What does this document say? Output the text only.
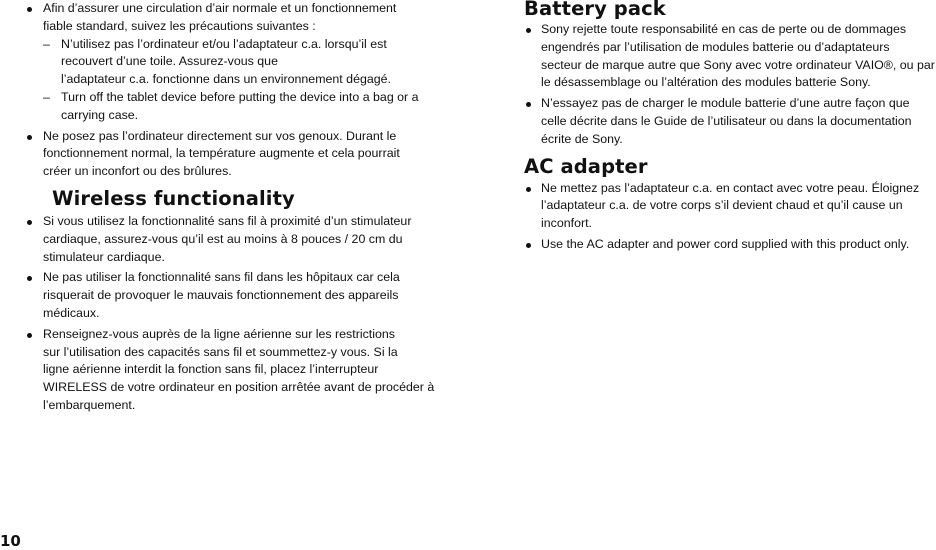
Afin d’assurer une circulation d’air normale et un fonctionnement
fiable standard, suivez les précautions suivantes :
– N’utilisez pas l’ordinateur et/ou l’adaptateur c.a. lorsqu’il est
recouvert d’une toile. Assurez-vous que
l’adaptateur c.a. fonctionne dans un environnement dégagé.
– Turn off the tablet device before putting the device into a bag or a
carrying case.
Ne posez pas l’ordinateur directement sur vos genoux. Durant le
fonctionnement normal, la température augmente et cela pourrait
créer un inconfort ou des brûlures.
Wireless functionality
Si vous utilisez la fonctionnalité sans fil à proximité d’un stimulateur
cardiaque, assurez-vous qu’il est au moins à 8 pouces / 20 cm du
stimulateur cardiaque.
Ne pas utiliser la fonctionnalité sans fil dans les hôpitaux car cela
risquerait de provoquer le mauvais fonctionnement des appareils
médicaux.
Renseignez-vous auprès de la ligne aérienne sur les restrictions
sur l’utilisation des capacités sans fil et soummettez-y vous. Si la
ligne aérienne interdit la fonction sans fil, placez l’interrupteur
WIRELESS de votre ordinateur en position arrêtée avant de procéder à
l’embarquement.
Battery pack
Sony rejette toute responsabilité en cas de perte ou de dommages
engendrés par l’utilisation de modules batterie ou d’adaptateurs
secteur de marque autre que Sony avec votre ordinateur VAIO®, ou par
le désassemblage ou l’altération des modules batterie Sony.
N’essayez pas de charger le module batterie d’une autre façon que
celle décrite dans le Guide de l’utilisateur ou dans la documentation
écrite de Sony.
AC adapter
Ne mettez pas l’adaptateur c.a. en contact avec votre peau. Éloignez
l’adaptateur c.a. de votre corps s’il devient chaud et qu’il cause un
inconfort.
Use the AC adapter and power cord supplied with this product only.
10
